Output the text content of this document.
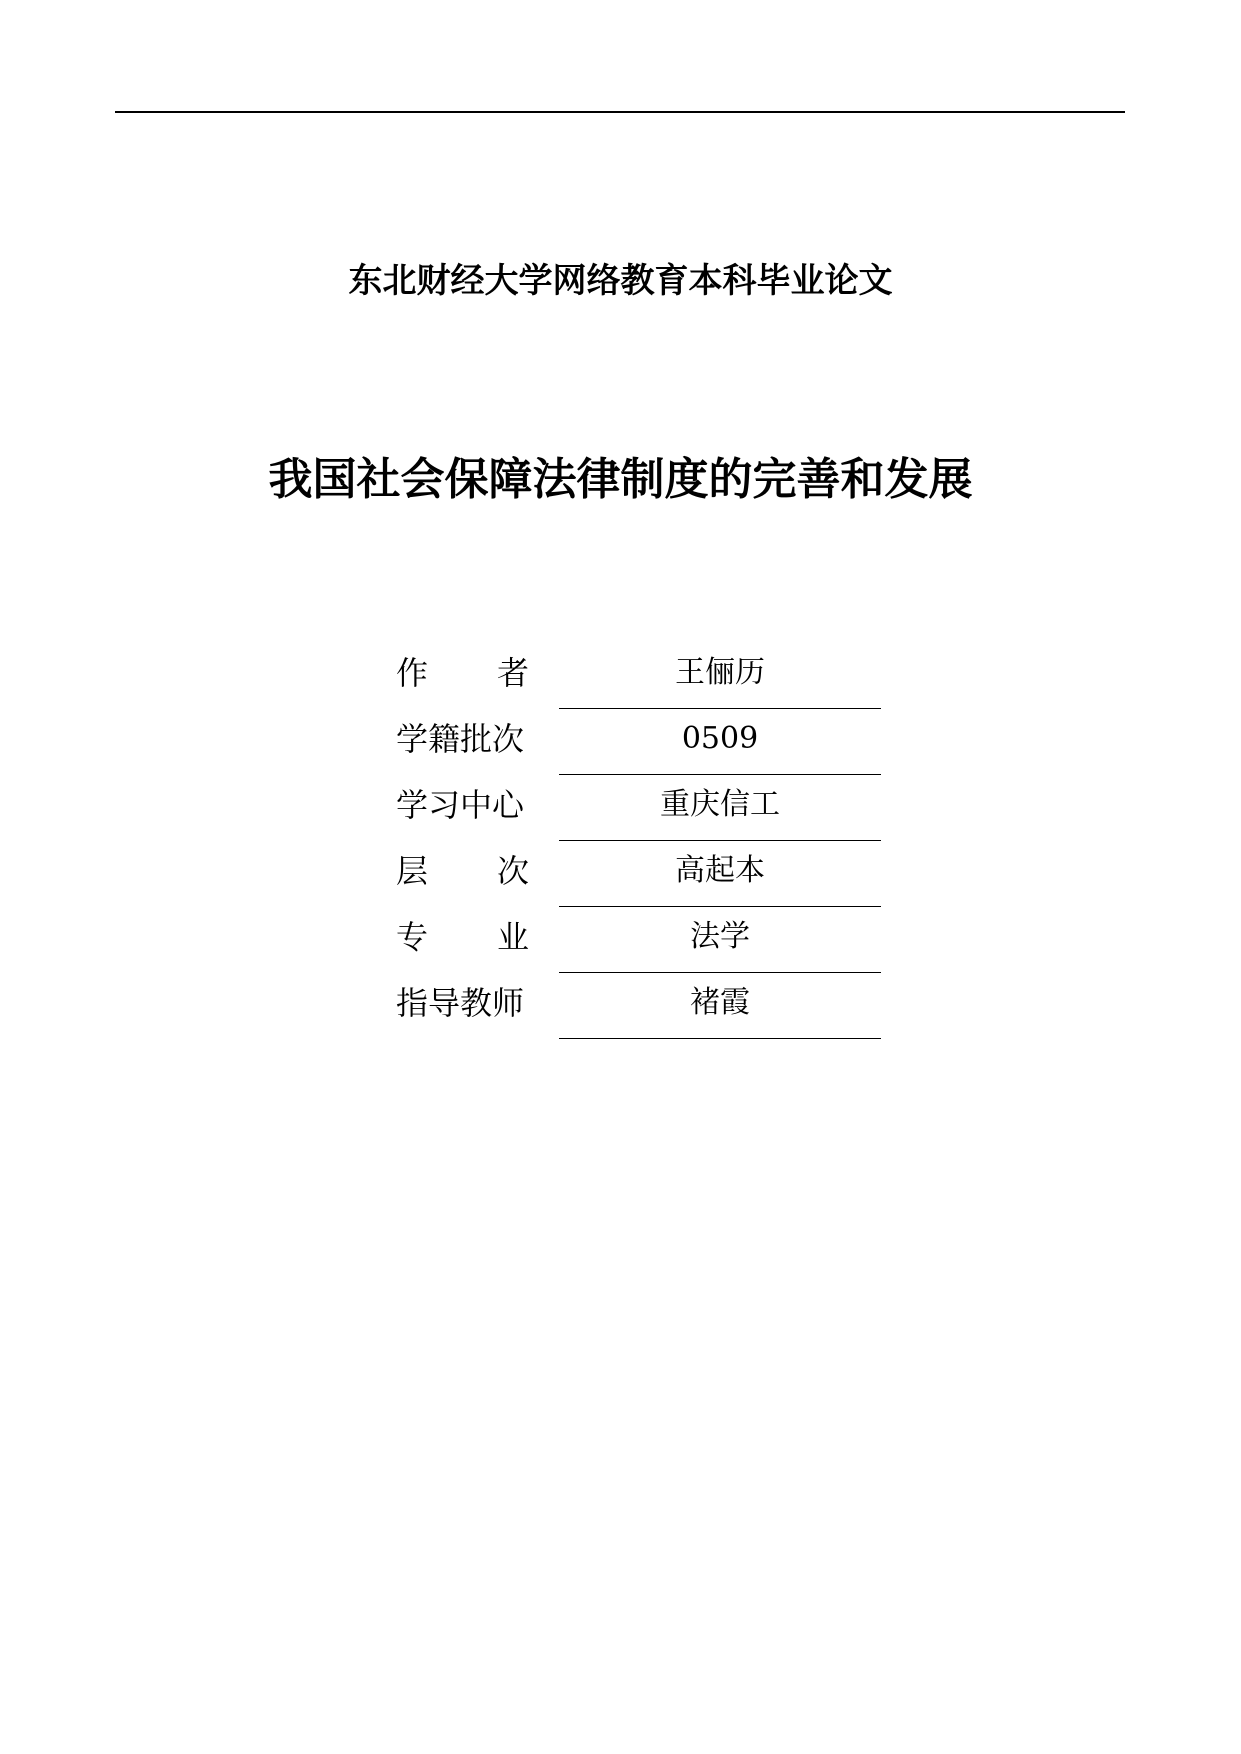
东北财经大学网络教育本科毕业论文
我国社会保障法律制度的完善和发展
作 者	王俪历
学籍批次	0509
学习中心	重庆信工
层 次	高起本
专 业	法学
指导教师	褚霞
